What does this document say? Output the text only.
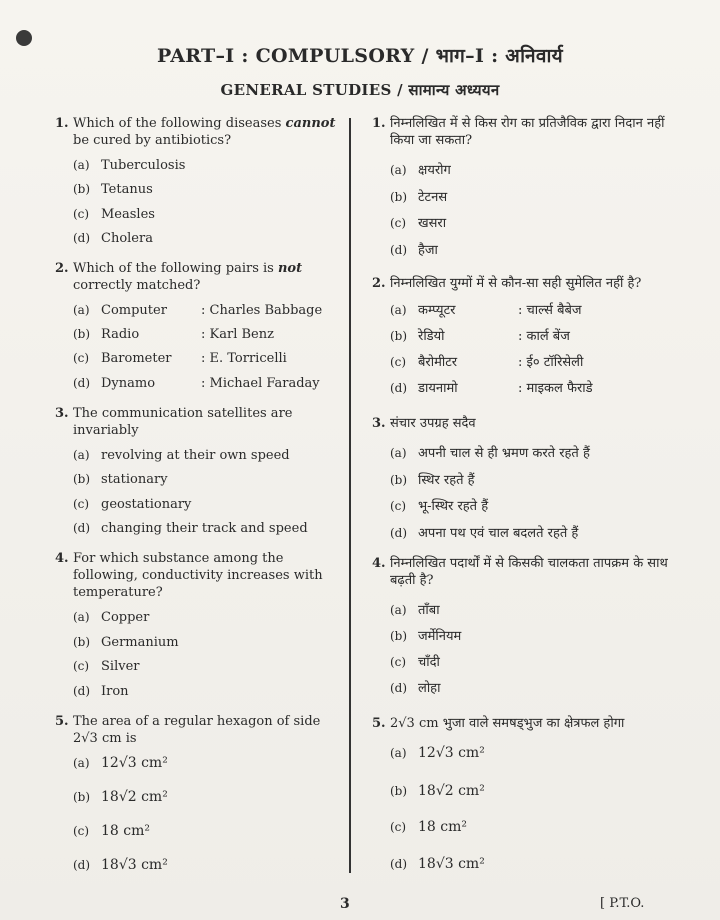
PART–I : COMPULSORY / भाग–I : अनिवार्य
GENERAL STUDIES / सामान्य अध्ययन
1. Which of the following diseases cannot be cured by antibiotics?
(a) Tuberculosis
(b) Tetanus
(c) Measles
(d) Cholera
2. Which of the following pairs is not correctly matched?
(a) Computer	: Charles Babbage
(b) Radio	: Karl Benz
(c) Barometer : E. Torricelli
(d) Dynamo	: Michael Faraday
3. The communication satellites are invariably
(a) revolving at their own speed
(b) stationary
(c) geostationary
(d) changing their track and speed
4. For which substance among the following, conductivity increases with temperature?
(a) Copper
(b) Germanium
(c) Silver
(d) Iron
5. The area of a regular hexagon of side 2√3 cm is
(a) 12√3 cm²
(b) 18√2 cm²
(c) 18 cm²
(d) 18√3 cm²
1. निम्नलिखित में से किस रोग का प्रतिजैविक द्वारा निदान नहीं किया जा सकता?
(a) क्षयरोग
(b) टेटनस
(c) खसरा
(d) हैजा
2. निम्नलिखित युग्मों में से कौन-सा सही सुमेलित नहीं है?
(a) कम्प्यूटर	: चार्ल्स बैबेज
(b) रेडियो	: कार्ल बेंज
(c) बैरोमीटर	: ई० टॉरिसेली
(d) डायनामो	: माइकल फैराडे
3. संचार उपग्रह सदैव
(a) अपनी चाल से ही भ्रमण करते रहते हैं
(b) स्थिर रहते हैं
(c) भू-स्थिर रहते हैं
(d) अपना पथ एवं चाल बदलते रहते हैं
4. निम्नलिखित पदार्थों में से किसकी चालकता तापक्रम के साथ बढ़ती है?
(a) ताँबा
(b) जर्मेनियम
(c) चाँदी
(d) लोहा
5. 2√3 cm भुजा वाले समषड्भुज का क्षेत्रफल होगा
(a) 12√3 cm²
(b) 18√2 cm²
(c) 18 cm²
(d) 18√3 cm²
3	[ P.T.O.
